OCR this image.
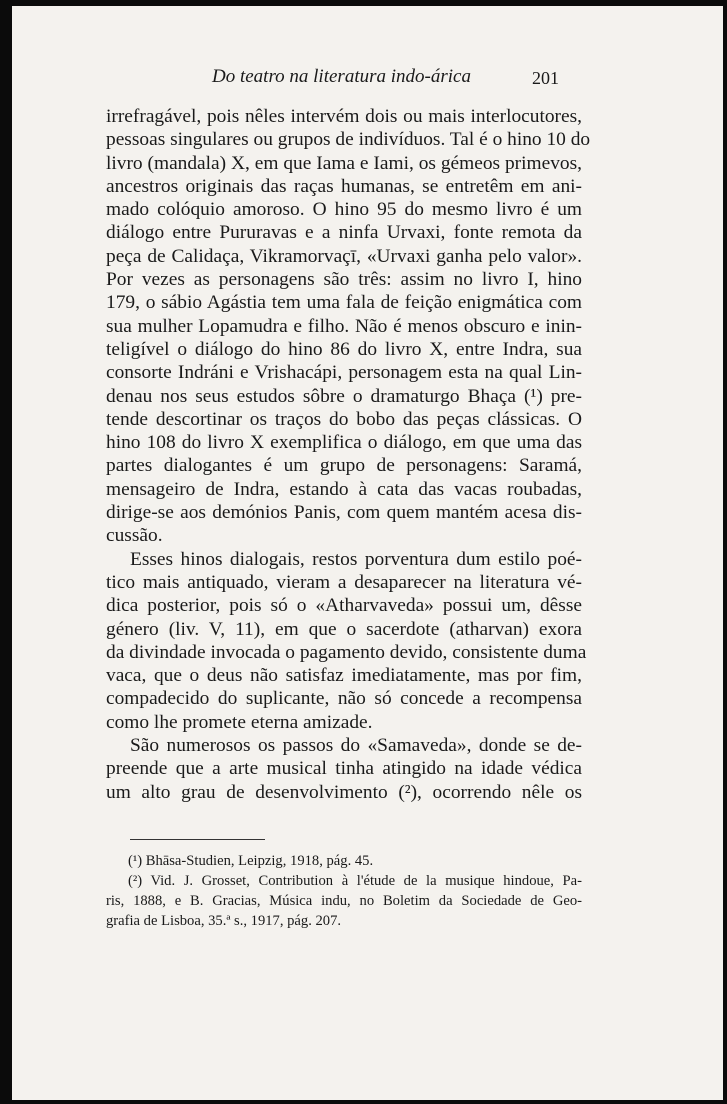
Do teatro na literatura indo-árica	201
irrefragável, pois nêles intervém dois ou mais interlocutores,
pessoas singulares ou grupos de indivíduos. Tal é o hino 10 do
livro (mandala) X, em que Iama e Iami, os gémeos primevos,
ancestros originais das raças humanas, se entretêm em ani-
mado colóquio amoroso. O hino 95 do mesmo livro é um
diálogo entre Pururavas e a ninfa Urvaxi, fonte remota da
peça de Calidaça, Vikramorvaçī, «Urvaxi ganha pelo valor».
Por vezes as personagens são três: assim no livro I, hino
179, o sábio Agástia tem uma fala de feição enigmática com
sua mulher Lopamudra e filho. Não é menos obscuro e inin-
teligível o diálogo do hino 86 do livro X, entre Indra, sua
consorte Indráni e Vrishacápi, personagem esta na qual Lin-
denau nos seus estudos sôbre o dramaturgo Bhaça (¹) pre-
tende descortinar os traços do bobo das peças clássicas. O
hino 108 do livro X exemplifica o diálogo, em que uma das
partes dialogantes é um grupo de personagens: Saramá,
mensageiro de Indra, estando à cata das vacas roubadas,
dirige-se aos demónios Panis, com quem mantém acesa dis-
cussão.
Esses hinos dialogais, restos porventura dum estilo poé-
tico mais antiquado, vieram a desaparecer na literatura vé-
dica posterior, pois só o «Atharvaveda» possui um, dêsse
género (liv. V, 11), em que o sacerdote (atharvan) exora
da divindade invocada o pagamento devido, consistente duma
vaca, que o deus não satisfaz imediatamente, mas por fim,
compadecido do suplicante, não só concede a recompensa
como lhe promete eterna amizade.
São numerosos os passos do «Samaveda», donde se de-
preende que a arte musical tinha atingido na idade védica
um alto grau de desenvolvimento (²), ocorrendo nêle os
(¹) Bhāsa-Studien, Leipzig, 1918, pág. 45.
(²) Vid. J. Grosset, Contribution à l'étude de la musique hindoue, Pa-
ris, 1888, e B. Gracias, Música indu, no Boletim da Sociedade de Geo-
grafia de Lisboa, 35.ª s., 1917, pág. 207.
